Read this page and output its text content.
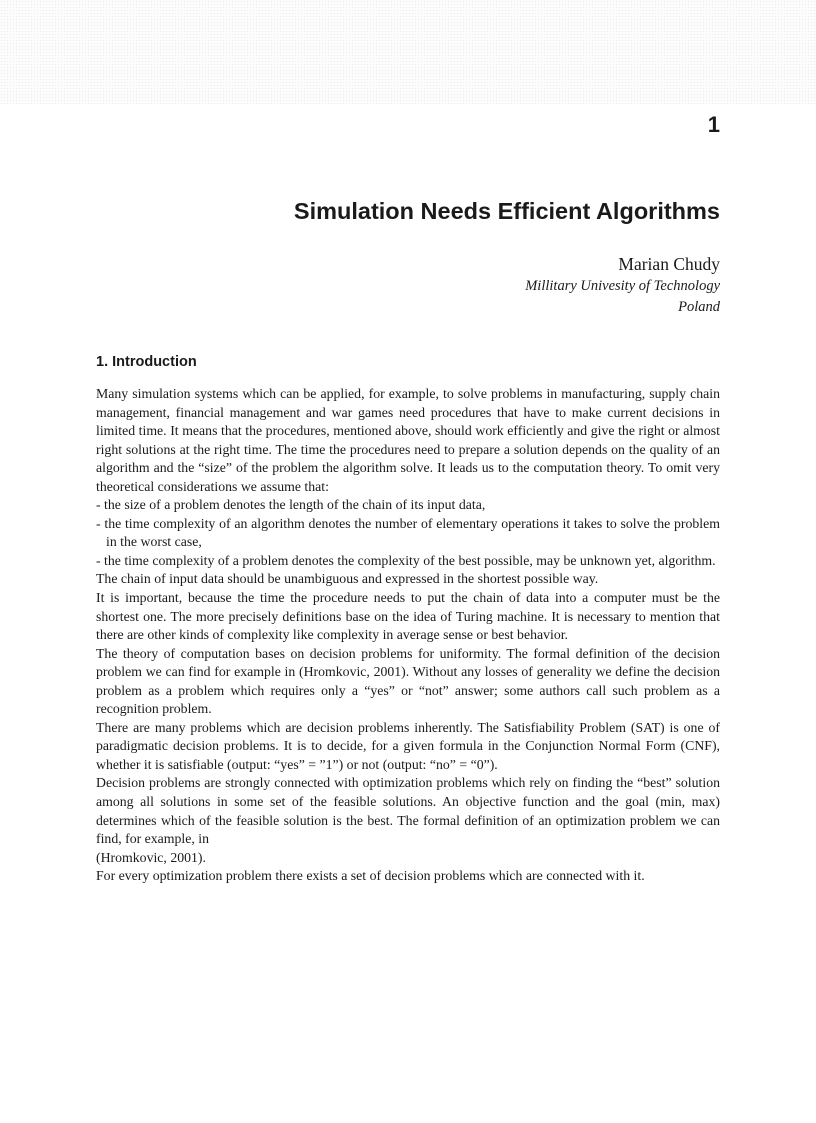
1
Simulation Needs Efficient Algorithms
Marian Chudy
Millitary Univesity of Technology
Poland
1. Introduction

Many simulation systems which can be applied, for example, to solve problems in manufacturing, supply chain management, financial management and war games need procedures that have to make current decisions in limited time. It means that the procedures, mentioned above, should work efficiently and give the right or almost right solutions at the right time. The time the procedures need to prepare a solution depends on the quality of an algorithm and the “size” of the problem the algorithm solve. It leads us to the computation theory. To omit very theoretical considerations we assume that:

- the size of a problem denotes the length of the chain of its input data,

- the time complexity of an algorithm denotes the number of elementary operations it takes to solve the problem in the worst case,

- the time complexity of a problem denotes the complexity of the best possible, may be unknown yet, algorithm.

The chain of input data should be unambiguous and expressed in the shortest possible way.

It is important, because the time the procedure needs to put the chain of data into a computer must be the shortest one. The more precisely definitions base on the idea of Turing machine. It is necessary to mention that there are other kinds of complexity like complexity in average sense or best behavior.

The theory of computation bases on decision problems for uniformity. The formal definition of the decision problem we can find for example in (Hromkovic, 2001). Without any losses of generality we define the decision problem as a problem which requires only a “yes” or “not” answer; some authors call such problem as a recognition problem.

There are many problems which are decision problems inherently. The Satisfiability Problem (SAT) is one of paradigmatic decision problems. It is to decide, for a given formula in the Conjunction Normal Form (CNF), whether it is satisfiable (output: “yes” = ”1”) or not (output: “no” = “0”).

Decision problems are strongly connected with optimization problems which rely on finding the “best” solution among all solutions in some set of the feasible solutions. An objective function and the goal (min, max) determines which of the feasible solution is the best. The formal definition of an optimization problem we can find, for example, in

(Hromkovic, 2001).

For every optimization problem there exists a set of decision problems which are connected with it.
